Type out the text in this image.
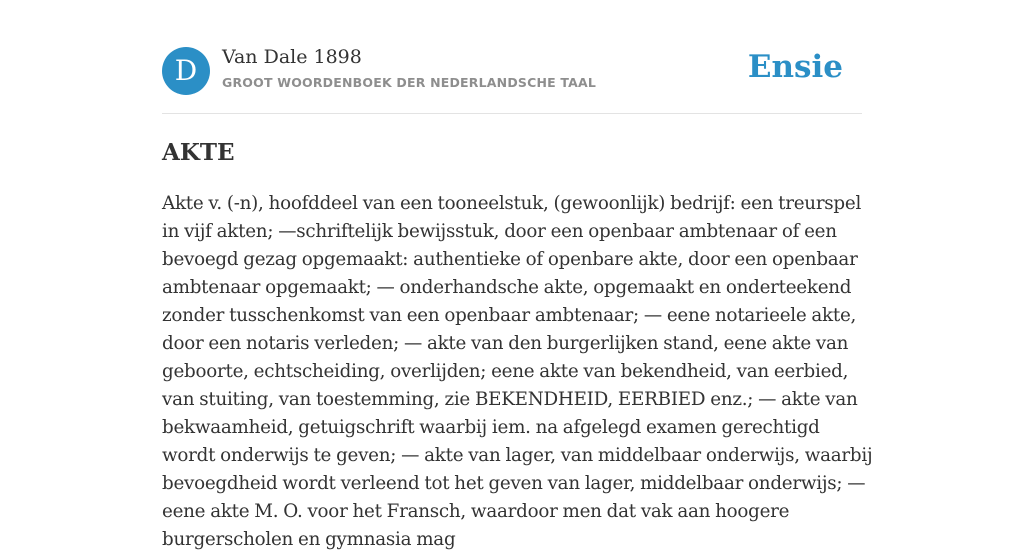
D	Van Dale 1898
GROOT WOORDENBOEK DER NEDERLANDSCHE TAAL	Ensie
AKTE

Akte v. (-n), hoofddeel van een tooneelstuk, (gewoonlijk) bedrijf: een treurspel in vijf akten; —schriftelijk bewijsstuk, door een openbaar ambtenaar of een bevoegd gezag opgemaakt: authentieke of openbare akte, door een openbaar ambtenaar opgemaakt; — onderhandsche akte, opgemaakt en onderteekend zonder tusschenkomst van een openbaar ambtenaar; — eene notarieele akte, door een notaris verleden; — akte van den burgerlijken stand, eene akte van geboorte, echtscheiding, overlijden; eene akte van bekendheid, van eerbied, van stuiting, van toestemming, zie BEKENDHEID, EERBIED enz.; — akte van bekwaamheid, getuigschrift waarbij iem. na afgelegd examen gerechtigd wordt onderwijs te geven; — akte van lager, van middelbaar onderwijs, waarbij bevoegdheid wordt verleend tot het geven van lager, middelbaar onderwijs; — eene akte M. O. voor het Fransch, waardoor men dat vak aan hoogere burgerscholen en gymnasia mag
